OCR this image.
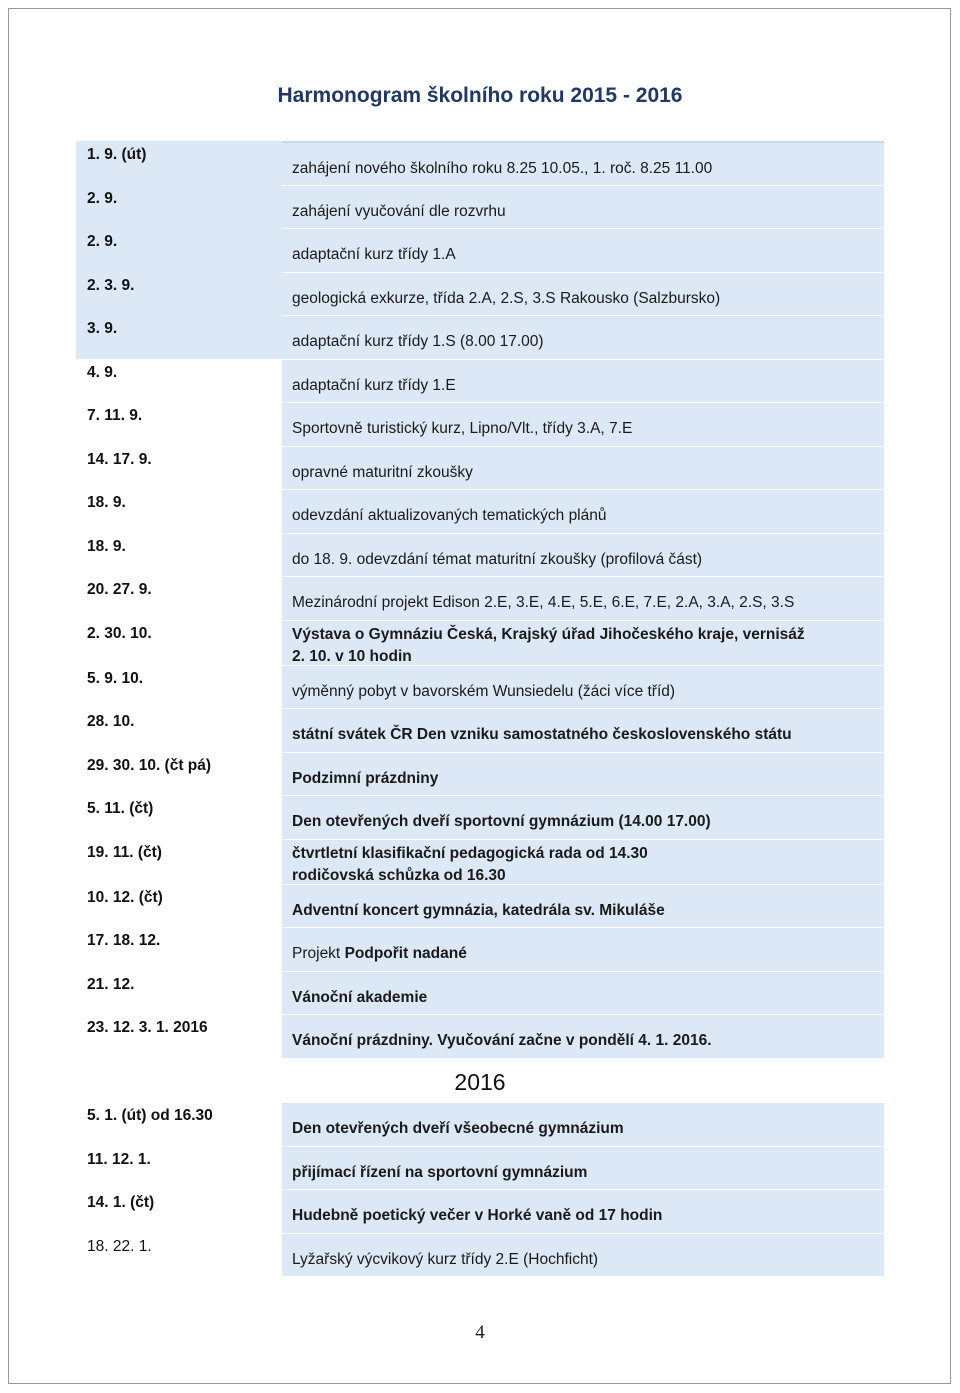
Harmonogram školního roku 2015 - 2016
1. 9. (út)
zahájení nového školního roku 8.25 10.05., 1. roč. 8.25 11.00
2. 9.
zahájení vyučování dle rozvrhu
2. 9.
adaptační kurz třídy 1.A
2. 3. 9.
geologická exkurze, třída 2.A, 2.S, 3.S Rakousko (Salzbursko)
3. 9.
adaptační kurz třídy 1.S (8.00 17.00)
4. 9.
adaptační kurz třídy 1.E
7. 11. 9.
Sportovně turistický kurz, Lipno/Vlt., třídy 3.A, 7.E
14. 17. 9.
opravné maturitní zkoušky
18. 9.
odevzdání aktualizovaných tematických plánů
18. 9.
do 18. 9. odevzdání témat maturitní zkoušky (profilová část)
20. 27. 9.
Mezinárodní projekt Edison 2.E, 3.E, 4.E, 5.E, 6.E, 7.E, 2.A, 3.A, 2.S, 3.S
2. 30. 10.	Výstava o Gymnáziu Česká, Krajský úřad Jihočeského kraje, vernisáž
2. 10. v 10 hodin
5. 9. 10.
výměnný pobyt v bavorském Wunsiedelu (žáci více tříd)
28. 10.
státní svátek ČR Den vzniku samostatného československého státu
29. 30. 10. (čt pá)
Podzimní prázdniny
5. 11. (čt)
Den otevřených dveří sportovní gymnázium (14.00 17.00)
19. 11. (čt)	čtvrtletní klasifikační pedagogická rada od 14.30
rodičovská schůzka od 16.30
10. 12. (čt)
Adventní koncert gymnázia, katedrála sv. Mikuláše
17. 18. 12.
Projekt Podpořit nadané
21. 12.
Vánoční akademie
23. 12. 3. 1. 2016
Vánoční prázdniny. Vyučování začne v pondělí 4. 1. 2016.
2016
5. 1. (út) od 16.30
Den otevřených dveří všeobecné gymnázium
11. 12. 1.
přijímací řízení na sportovní gymnázium
14. 1. (čt)
Hudebně poetický večer v Horké vaně od 17 hodin
18. 22. 1.
Lyžařský výcvikový kurz třídy 2.E (Hochficht)
4
